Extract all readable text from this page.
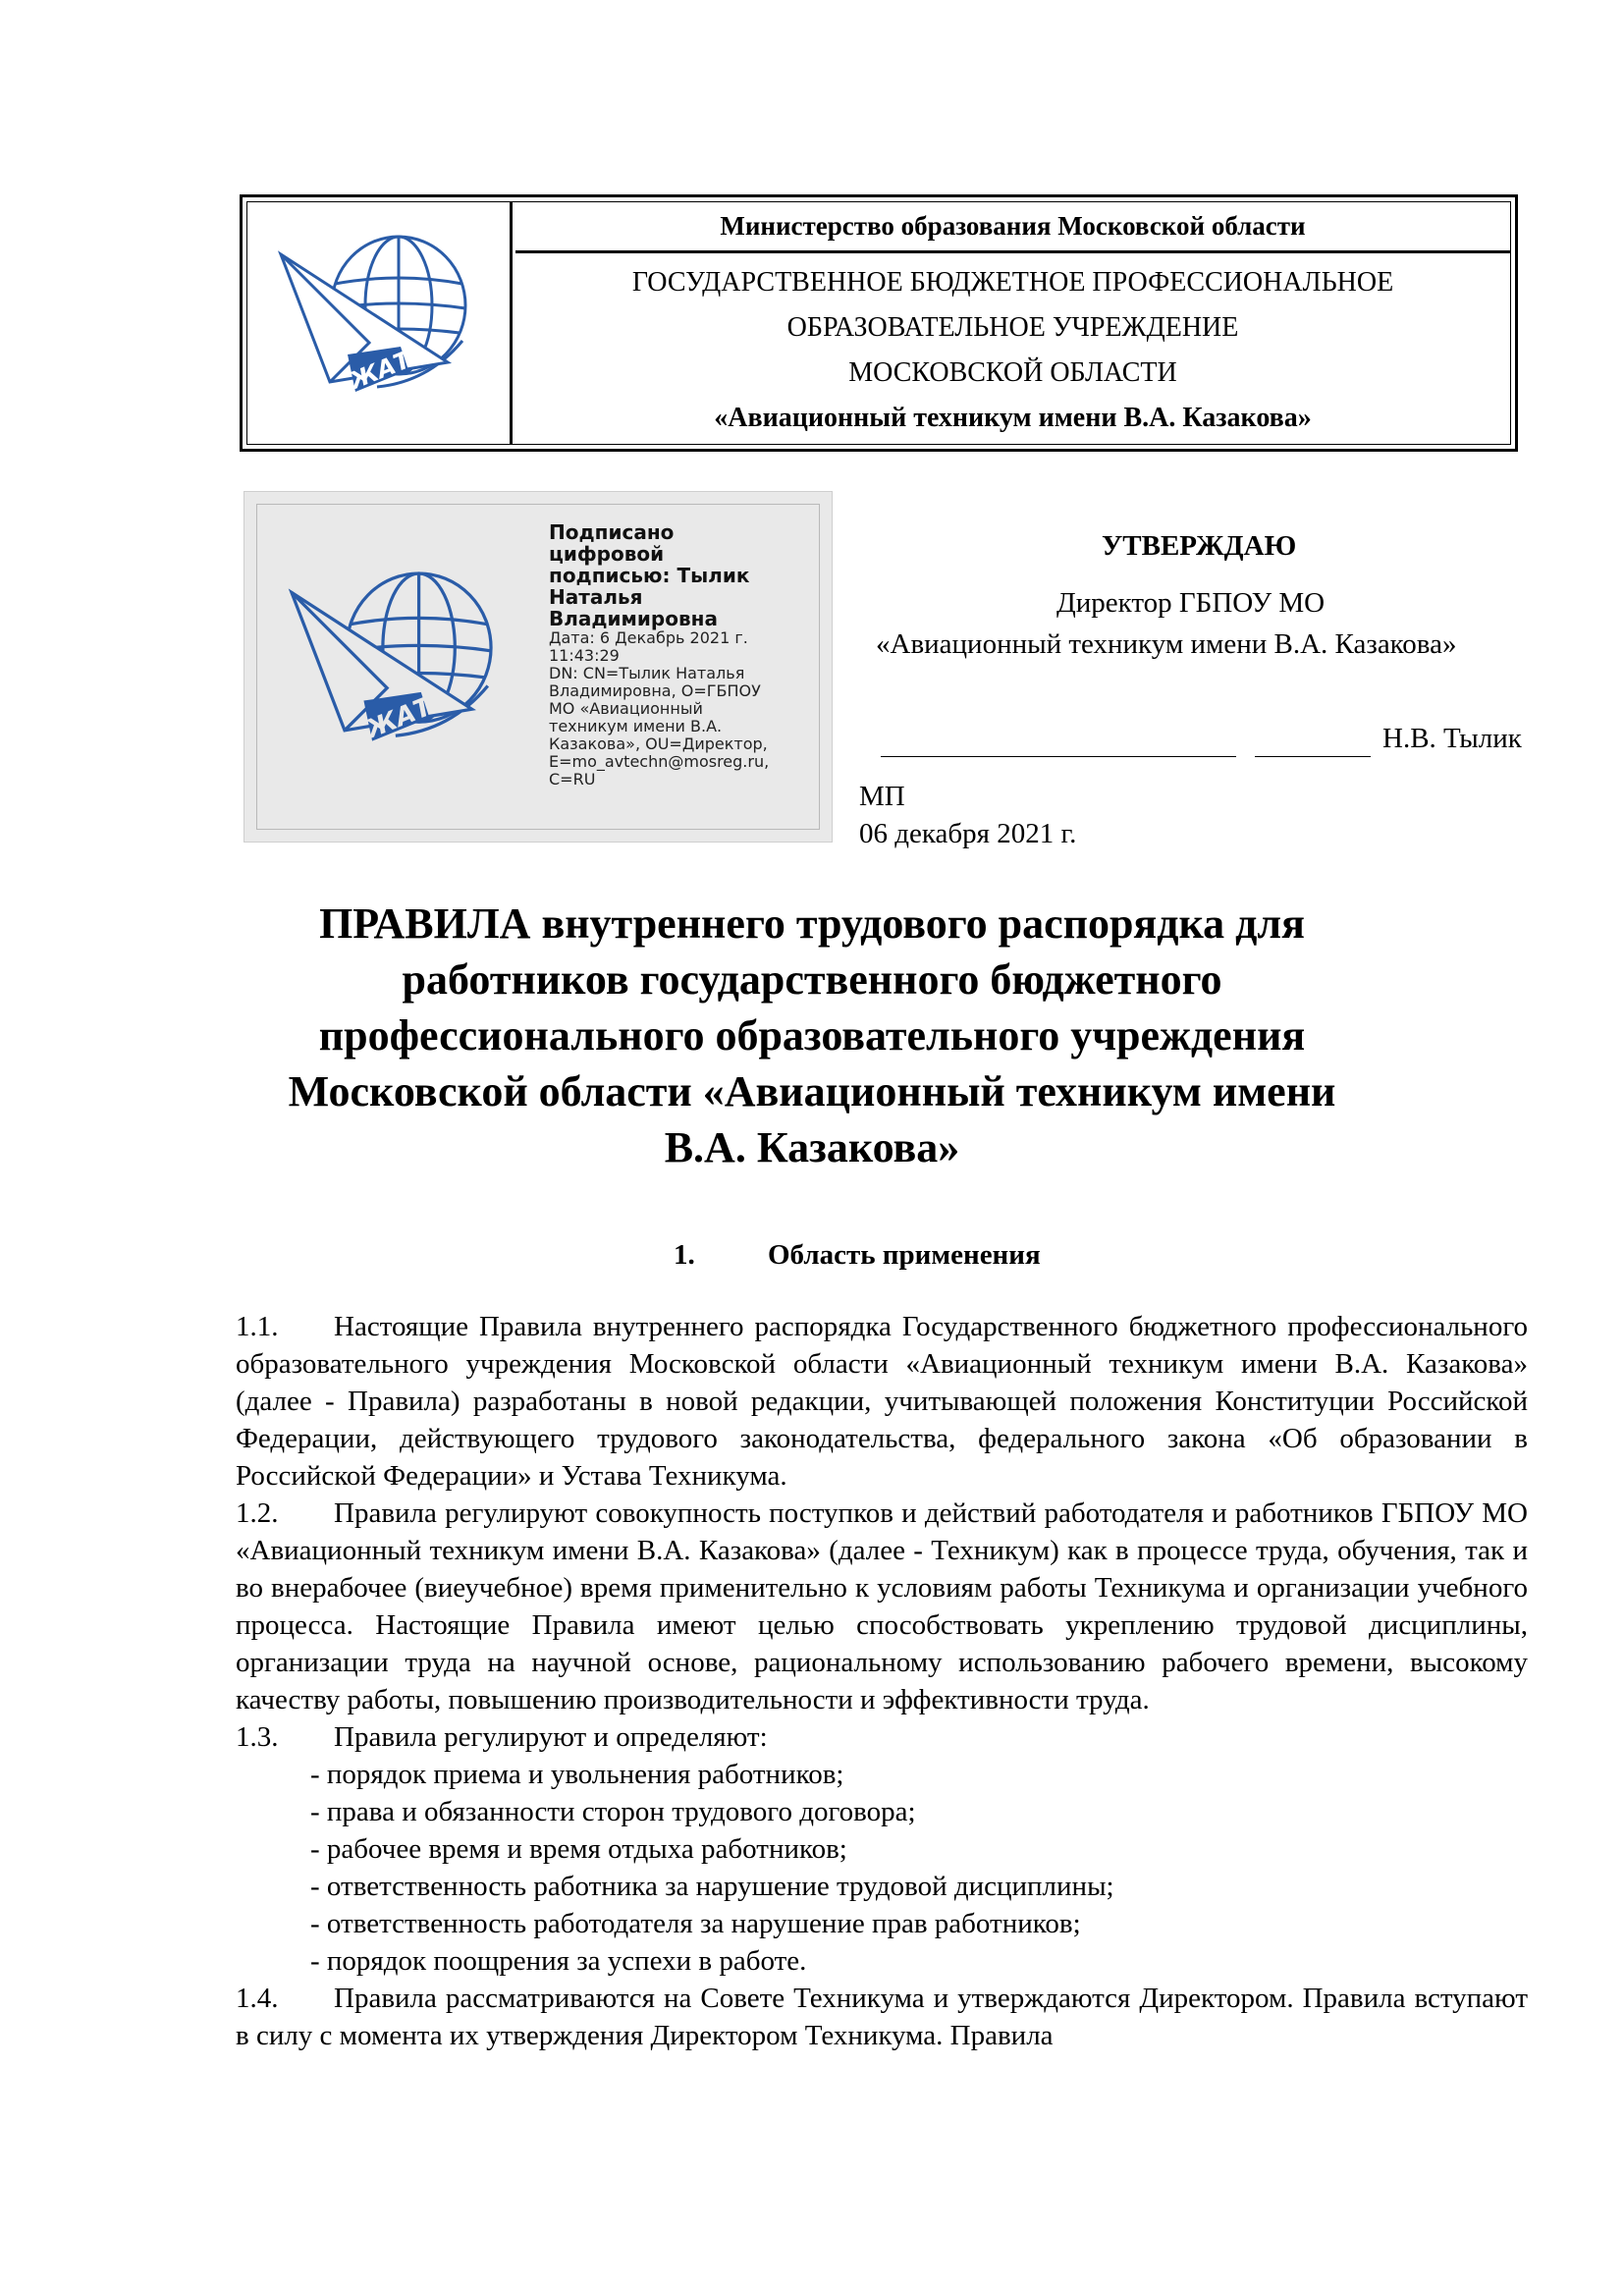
ЖАТ
Министерство образования Московской области
ГОСУДАРСТВЕННОЕ БЮДЖЕТНОЕ ПРОФЕССИОНАЛЬНОЕ
ОБРАЗОВАТЕЛЬНОЕ УЧРЕЖДЕНИЕ
МОСКОВСКОЙ ОБЛАСТИ
«Авиационный техникум имени В.А. Казакова»
ЖАТ
Подписано
цифровой
подписью: Тылик
Наталья
Владимировна
Дата: 6 Декабрь 2021 г.
11:43:29
DN: CN=Тылик Наталья
Владимировна, O=ГБПОУ
МО «Авиационный
техникум имени В.А.
Казакова», OU=Директор,
E=mo_avtechn@mosreg.ru,
C=RU
УТВЕРЖДАЮ
Директор ГБПОУ МО
«Авиационный техникум имени В.А. Казакова»
Н.В. Тылик
МП
06 декабря 2021 г.
ПРАВИЛА внутреннего трудового распорядка для
работников государственного бюджетного
профессионального образовательного учреждения
Московской области «Авиационный техникум имени
В.А. Казакова»
1.	Область применения

1.1. Настоящие Правила внутреннего распорядка Государственного бюджетного профессионального образовательного учреждения Московской области «Авиационный техникум имени В.А. Казакова» (далее - Правила) разработаны в новой редакции, учитывающей положения Конституции Российской Федерации, действующего трудового законодательства, федерального закона «Об образовании в Российской Федерации» и Устава Техникума.

1.2. Правила регулируют совокупность поступков и действий работодателя и работников ГБПОУ МО «Авиационный техникум имени В.А. Казакова» (далее - Техникум) как в процессе труда, обучения, так и во внерабочее (виеучебное) время применительно к условиям работы Техникума и организации учебного процесса. Настоящие Правила имеют целью способствовать укреплению трудовой дисциплины, организации труда на научной основе, рациональному использованию рабочего времени, высокому качеству работы, повышению производительности и эффективности труда.

1.3. Правила регулируют и определяют:

- порядок приема и увольнения работников;
- права и обязанности сторон трудового договора;
- рабочее время и время отдыха работников;
- ответственность работника за нарушение трудовой дисциплины;
- ответственность работодателя за нарушение прав работников;
- порядок поощрения за успехи в работе.

1.4. Правила рассматриваются на Совете Техникума и утверждаются Директором. Правила вступают в силу с момента их утверждения Директором Техникума. Правила
